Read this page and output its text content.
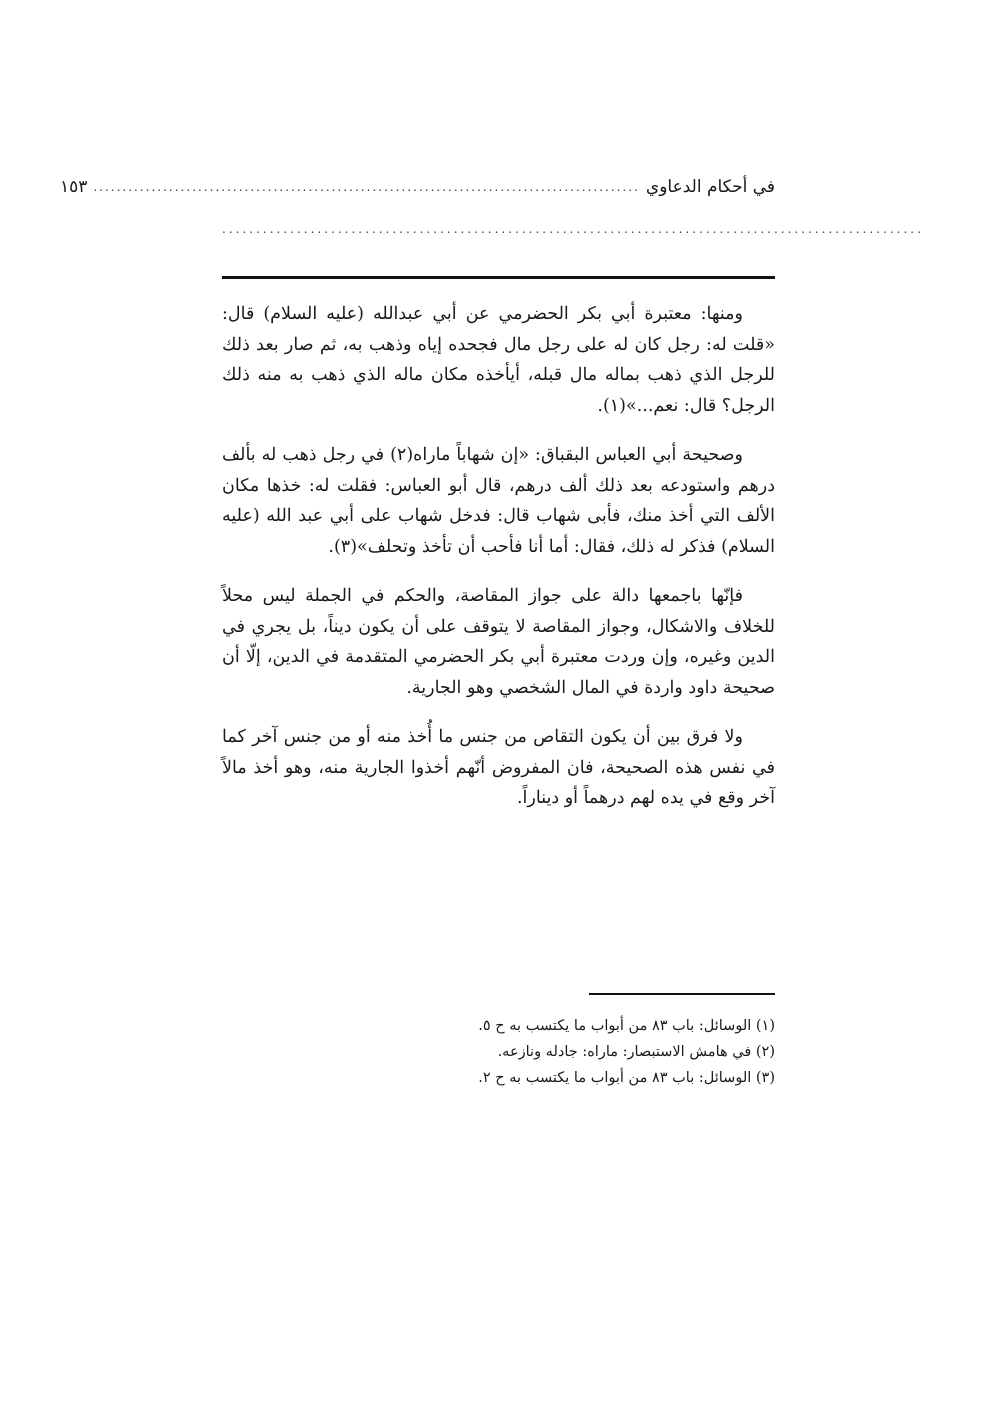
في أحكام الدعاوي
..............................................................................................
١٥٣
.......................................................................................................

ومنها: معتبرة أبي بكر الحضرمي عن أبي عبدالله (عليه السلام) قال: «قلت له: رجل كان له على رجل مال فجحده إياه وذهب به، ثم صار بعد ذلك للرجل الذي ذهب بماله مال قبله، أيأخذه مكان ماله الذي ذهب به منه ذلك الرجل؟ قال: نعم...»(١).

وصحيحة أبي العباس البقباق: «إن شهاباً ماراه(٢) في رجل ذهب له بألف درهم واستودعه بعد ذلك ألف درهم، قال أبو العباس: فقلت له: خذها مكان الألف التي أخذ منك، فأبى شهاب قال: فدخل شهاب على أبي عبد الله (عليه السلام) فذكر له ذلك، فقال: أما أنا فأحب أن تأخذ وتحلف»(٣).

فإنّها باجمعها دالة على جواز المقاصة، والحكم في الجملة ليس محلاً للخلاف والاشكال، وجواز المقاصة لا يتوقف على أن يكون ديناً، بل يجري في الدين وغيره، وإن وردت معتبرة أبي بكر الحضرمي المتقدمة في الدين، إلّا أن صحيحة داود واردة في المال الشخصي وهو الجارية.

ولا فرق بين أن يكون التقاص من جنس ما أُخذ منه أو من جنس آخر كما في نفس هذه الصحيحة، فان المفروض أنّهم أخذوا الجارية منه، وهو أخذ مالاً آخر وقع في يده لهم درهماً أو ديناراً.

(١) الوسائل: باب ٨٣ من أبواب ما يكتسب به ح ٥.
(٢) في هامش الاستبصار: ماراه: جادله ونازعه.
(٣) الوسائل: باب ٨٣ من أبواب ما يكتسب به ح ٢.
